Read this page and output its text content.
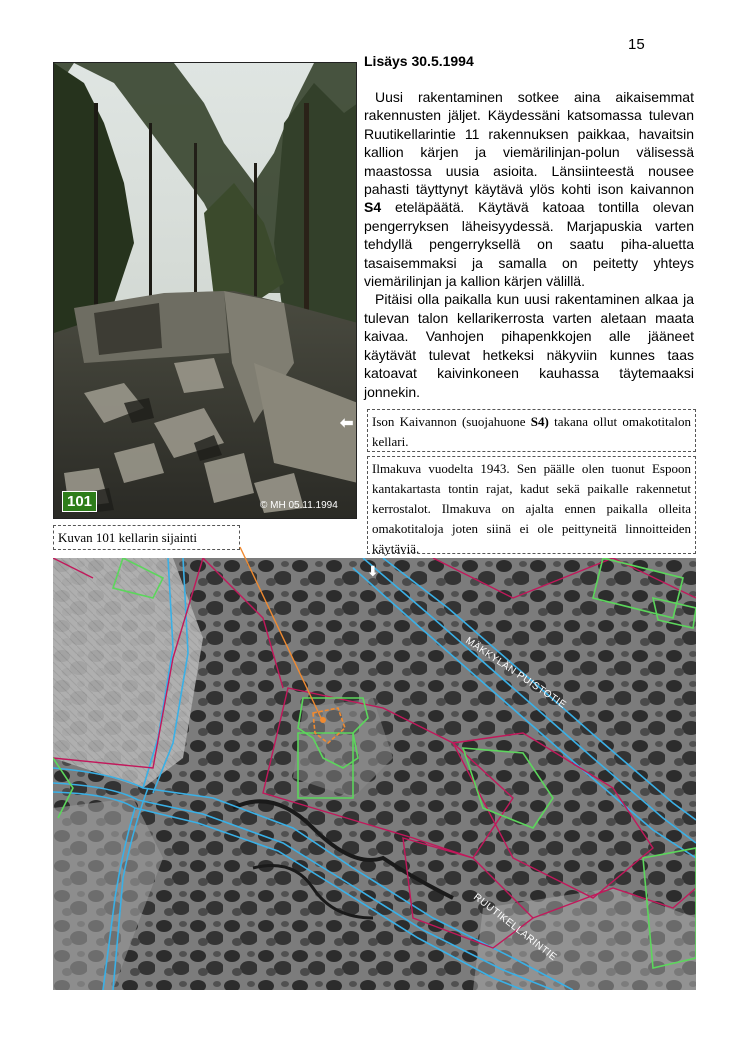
15
Lisäys 30.5.1994

Uusi rakentaminen sotkee aina aikaisemmat rakennusten jäljet. Käydessäni katsomassa tulevan Ruutikellarintie 11 rakennuksen paikkaa, havaitsin kallion kärjen ja viemärilinjan-polun välisessä maastossa uusia asioita. Länsiinteestä nousee pahasti täyttynyt käytävä ylös kohti ison kaivannon S4 eteläpäätä. Käytävä katoaa tontilla olevan pengerryksen läheisyydessä. Marjapuskia varten tehdyllä pengerryksellä on saatu piha-aluetta tasaisemmaksi ja samalla on peitetty yhteys viemärilinjan ja kallion kärjen välillä.

Pitäisi olla paikalla kun uusi rakentaminen alkaa ja tulevan talon kellarikerrosta varten aletaan maata kaivaa. Vanhojen pihapenkkojen alle jääneet käytävät tulevat hetkeksi näkyviin kunnes taas katoavat kaivinkoneen kauhassa täytemaaksi jonnekin.

101	© MH 05.11.1994
⬅	Ison Kaivannon (suojahuone S4) takana ollut omakotitalon kellari.
Ilmakuva vuodelta 1943. Sen päälle olen tuonut Espoon kantakartasta tontin rajat, kadut sekä paikalle rakennetut kerrostalot. Ilmakuva on ajalta ennen paikalla olleita omakotitaloja joten siinä ei ole peittyneitä linnoitteiden käytäviä.
Kuvan 101 kellarin sijainti
MÄKKYLÄN PUISTOTIE
RUUTIKELLARINTIE
⬇
